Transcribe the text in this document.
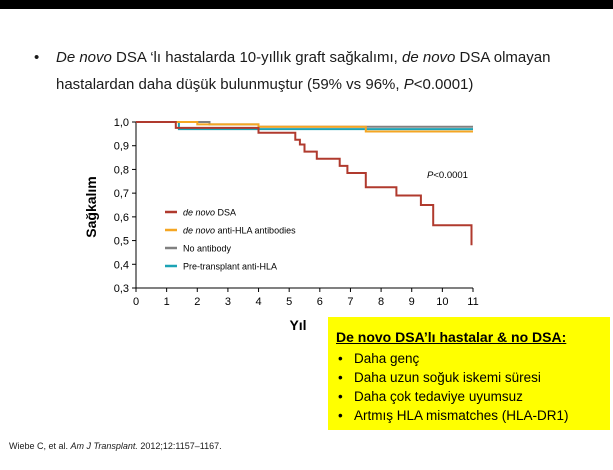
• De novo DSA ‘lı hastalarda 10-yıllık graft sağkalımı, de novo DSA olmayan hastalardan daha düşük bulunmuştur (59% vs 96%, P<0.0001)
0,3
0,4
0,5
0,6
0,7
0,8
0,9
1,0
0 1 2 3 4 5 6 7 8 9 10 11
de novo DSA
de novo anti-HLA antibodies
No antibody
Pre-transplant anti-HLA
Sağkalım
Yıl
P<0.0001
De novo DSA’lı hastalar & no DSA:
• Daha genç
• Daha uzun soğuk iskemi süresi
• Daha çok tedaviye uyumsuz
• Artmış HLA mismatches (HLA-DR1)
Wiebe C, et al. Am J Transplant. 2012;12:1157–1167.
